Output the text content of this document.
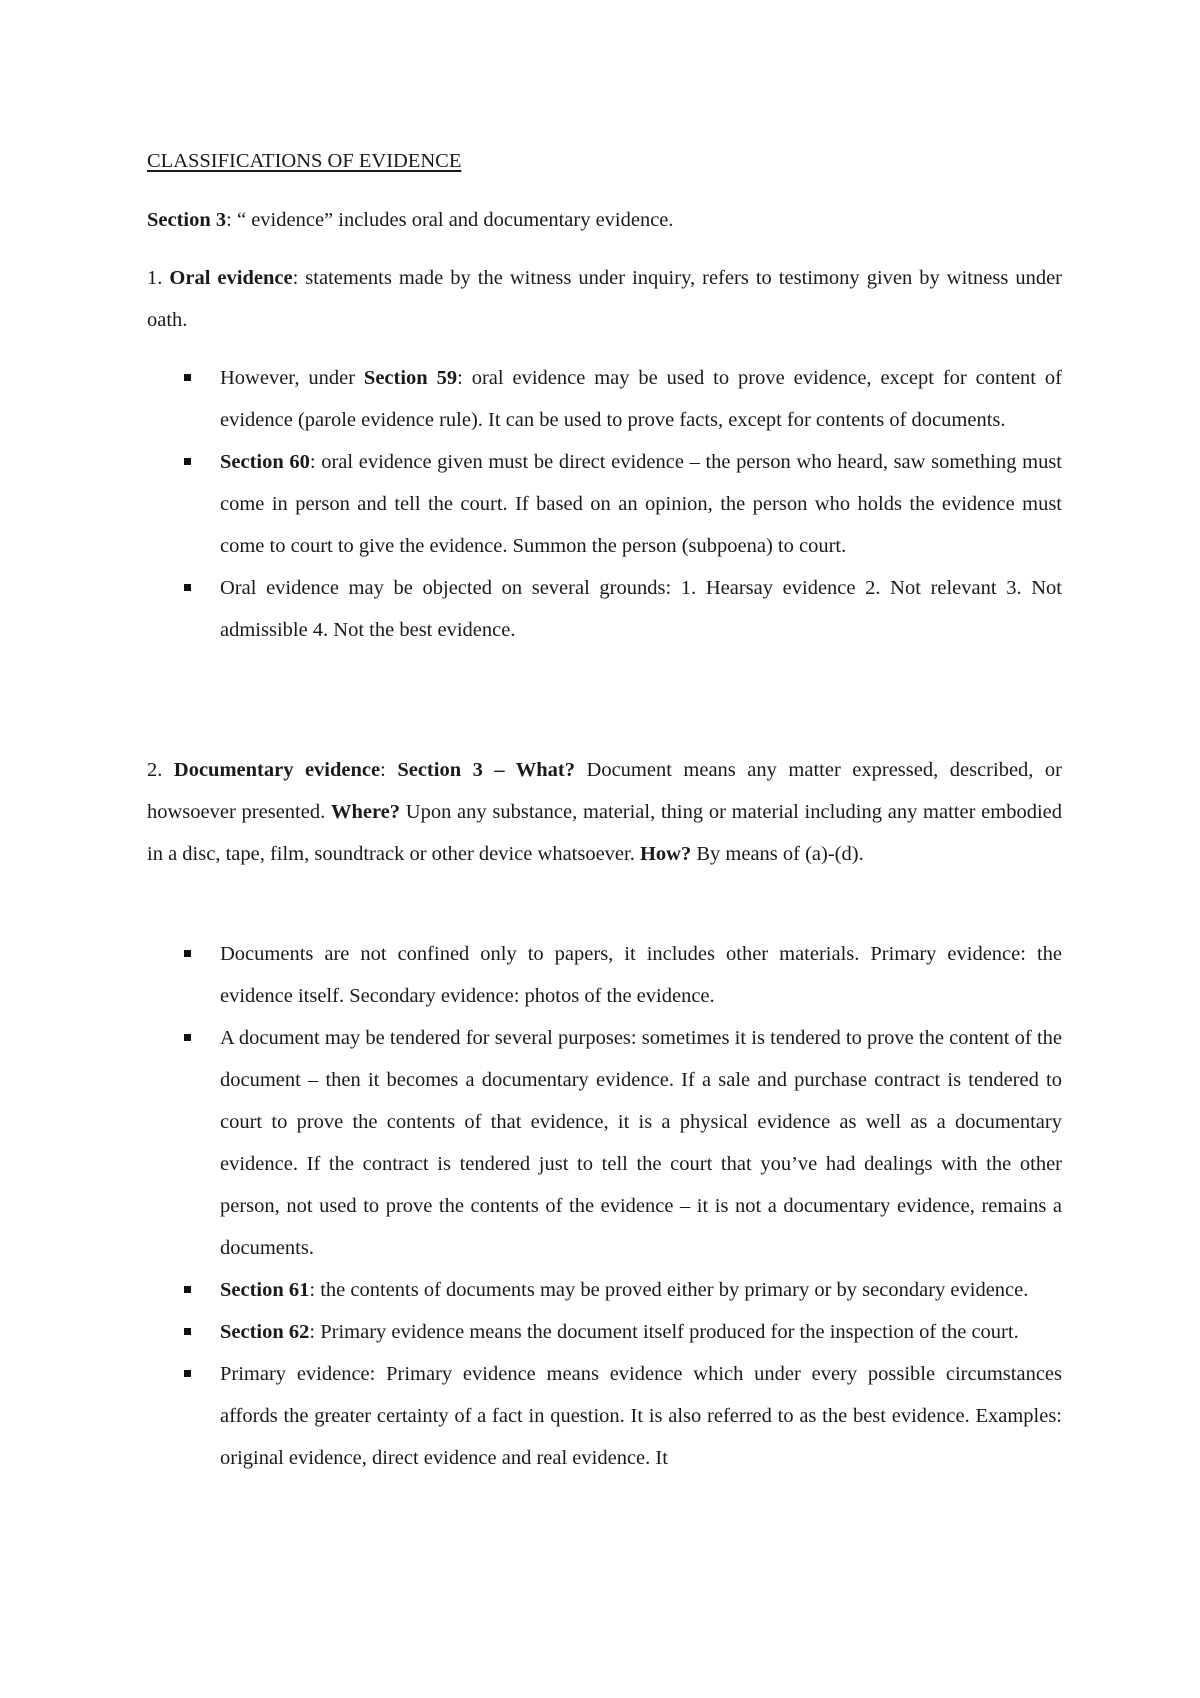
CLASSIFICATIONS OF EVIDENCE

Section 3: “ evidence” includes oral and documentary evidence.

1. Oral evidence: statements made by the witness under inquiry, refers to testimony given by witness under oath.

However, under Section 59: oral evidence may be used to prove evidence, except for content of evidence (parole evidence rule). It can be used to prove facts, except for contents of documents.
Section 60: oral evidence given must be direct evidence – the person who heard, saw something must come in person and tell the court. If based on an opinion, the person who holds the evidence must come to court to give the evidence. Summon the person (subpoena) to court.
Oral evidence may be objected on several grounds: 1. Hearsay evidence 2. Not relevant 3. Not admissible 4. Not the best evidence.

2. Documentary evidence: Section 3 – What? Document means any matter expressed, described, or howsoever presented. Where? Upon any substance, material, thing or material including any matter embodied in a disc, tape, film, soundtrack or other device whatsoever. How? By means of (a)-(d).

Documents are not confined only to papers, it includes other materials. Primary evidence: the evidence itself. Secondary evidence: photos of the evidence.
A document may be tendered for several purposes: sometimes it is tendered to prove the content of the document – then it becomes a documentary evidence. If a sale and purchase contract is tendered to court to prove the contents of that evidence, it is a physical evidence as well as a documentary evidence. If the contract is tendered just to tell the court that you’ve had dealings with the other person, not used to prove the contents of the evidence – it is not a documentary evidence, remains a documents.
Section 61: the contents of documents may be proved either by primary or by secondary evidence.
Section 62: Primary evidence means the document itself produced for the inspection of the court.
Primary evidence: Primary evidence means evidence which under every possible circumstances affords the greater certainty of a fact in question. It is also referred to as the best evidence. Examples: original evidence, direct evidence and real evidence. It
